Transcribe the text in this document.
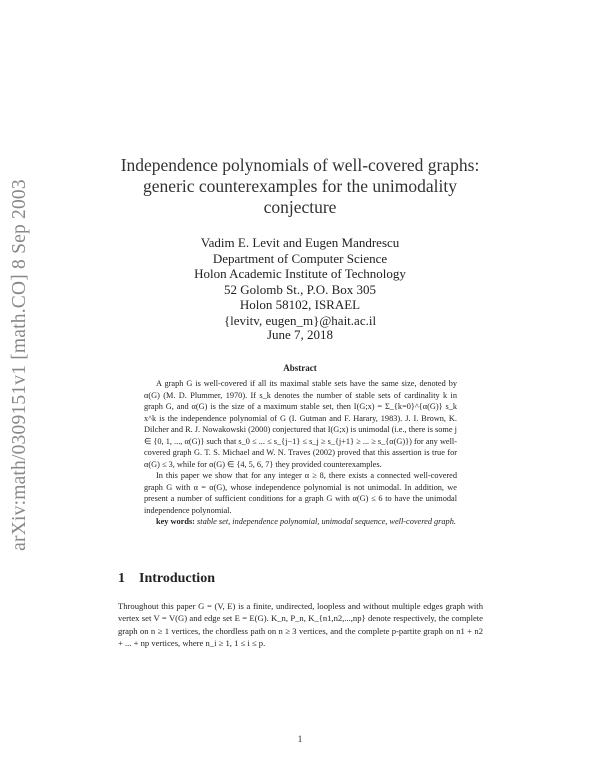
arXiv:math/0309151v1 [math.CO] 8 Sep 2003
Independence polynomials of well-covered graphs:
generic counterexamples for the unimodality
conjecture
Vadim E. Levit and Eugen Mandrescu
Department of Computer Science
Holon Academic Institute of Technology
52 Golomb St., P.O. Box 305
Holon 58102, ISRAEL
{levitv, eugen_m}@hait.ac.il
June 7, 2018
Abstract

A graph G is well-covered if all its maximal stable sets have the same size, denoted by α(G) (M. D. Plummer, 1970). If s_k denotes the number of stable sets of cardinality k in graph G, and α(G) is the size of a maximum stable set, then I(G;x) = Σ_{k=0}^{α(G)} s_k x^k is the independence polynomial of G (I. Gutman and F. Harary, 1983). J. I. Brown, K. Dilcher and R. J. Nowakowski (2000) conjectured that I(G;x) is unimodal (i.e., there is some j ∈ {0, 1, ..., α(G)} such that s_0 ≤ ... ≤ s_{j−1} ≤ s_j ≥ s_{j+1} ≥ ... ≥ s_{α(G)}) for any well-covered graph G. T. S. Michael and W. N. Traves (2002) proved that this assertion is true for α(G) ≤ 3, while for α(G) ∈ {4, 5, 6, 7} they provided counterexamples.

In this paper we show that for any integer α ≥ 8, there exists a connected well-covered graph G with α = α(G), whose independence polynomial is not unimodal. In addition, we present a number of sufficient conditions for a graph G with α(G) ≤ 6 to have the unimodal independence polynomial.

key words: stable set, independence polynomial, unimodal sequence, well-covered graph.

1 Introduction

Throughout this paper G = (V, E) is a finite, undirected, loopless and without multiple edges graph with vertex set V = V(G) and edge set E = E(G). K_n, P_n, K_{n1,n2,...,np} denote respectively, the complete graph on n ≥ 1 vertices, the chordless path on n ≥ 3 vertices, and the complete p-partite graph on n1 + n2 + ... + np vertices, where n_i ≥ 1, 1 ≤ i ≤ p.

1
